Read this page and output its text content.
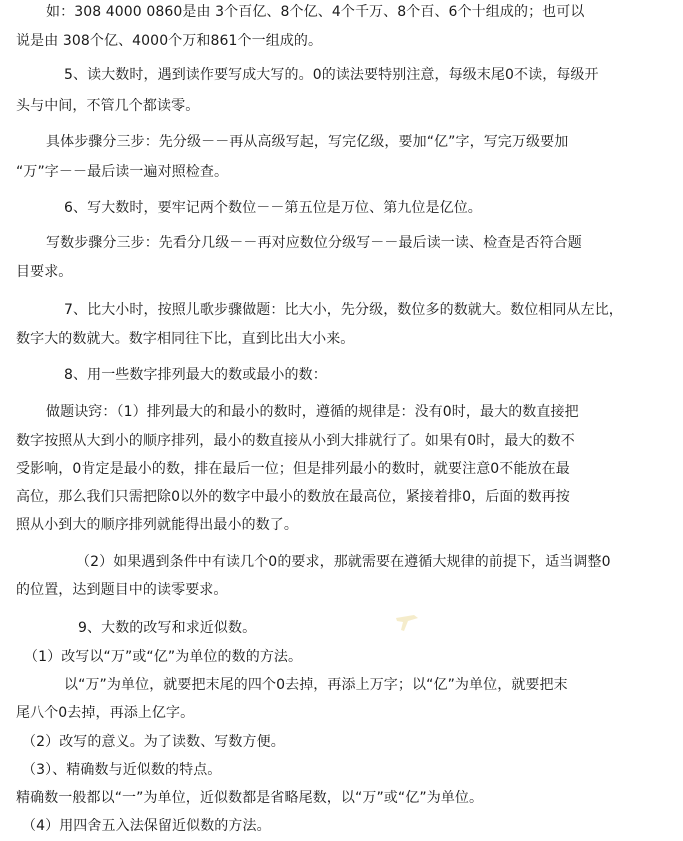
如：308 4000 0860是由 3个百亿、8个亿、4个千万、8个百、6个十组成的；也可以
说是由 308个亿、4000个万和861个一组成的。
5、读大数时，遇到读作要写成大写的。0的读法要特别注意，每级末尾0不读，每级开
头与中间，不管几个都读零。
具体步骤分三步：先分级－－再从高级写起，写完亿级，要加“亿”字，写完万级要加
“万”字－－最后读一遍对照检查。
6、写大数时，要牢记两个数位－－第五位是万位、第九位是亿位。
写数步骤分三步：先看分几级－－再对应数位分级写－－最后读一读、检查是否符合题
目要求。
7、比大小时，按照儿歌步骤做题：比大小，先分级，数位多的数就大。数位相同从左比，
数字大的数就大。数字相同往下比，直到比出大小来。
8、用一些数字排列最大的数或最小的数：
做题诀窍：（1）排列最大的和最小的数时，遵循的规律是：没有0时，最大的数直接把
数字按照从大到小的顺序排列，最小的数直接从小到大排就行了。如果有0时，最大的数不
受影响，0肯定是最小的数，排在最后一位；但是排列最小的数时，就要注意0不能放在最
高位，那么我们只需把除0以外的数字中最小的数放在最高位，紧接着排0，后面的数再按
照从小到大的顺序排列就能得出最小的数了。
（2）如果遇到条件中有读几个0的要求，那就需要在遵循大规律的前提下，适当调整0
的位置，达到题目中的读零要求。
9、大数的改写和求近似数。
（1）改写以“万”或“亿”为单位的数的方法。
以“万”为单位，就要把末尾的四个0去掉，再添上万字；以“亿”为单位，就要把末
尾八个0去掉，再添上亿字。
（2）改写的意义。为了读数、写数方便。
（3）、精确数与近似数的特点。
精确数一般都以“一”为单位，近似数都是省略尾数，以“万”或“亿”为单位。
（4）用四舍五入法保留近似数的方法。
